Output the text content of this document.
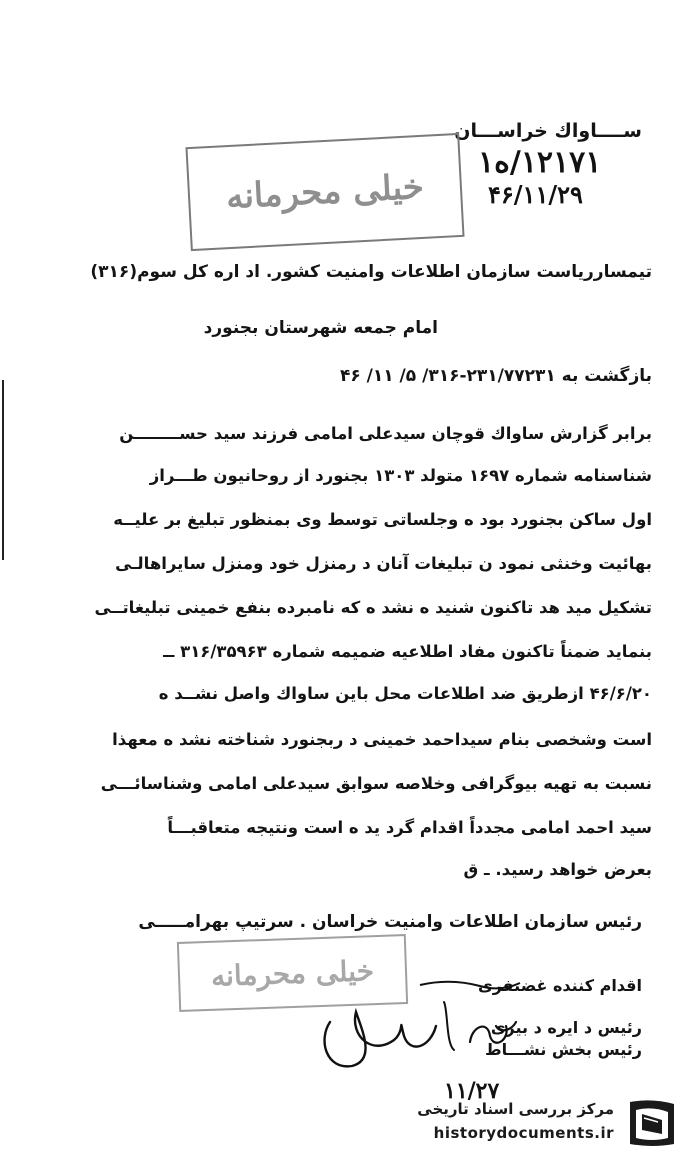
ســــاواك خراســـان
۱۲۱۷۱/ه۱
۴۶/۱۱/۲۹
خیلی محرمانه
تیمسارریاست سازمان اطلاعات وامنیت کشور. اد اره کل سوم(۳۱۶)
امام جمعه شهرستان بجنورد
بازگشت به ۲۳۱/۷۷۲۳۱-۳۱۶/ ۵/ ۱۱/ ۴۶
برابر گزارش ساواك قوچان سیدعلی امامی فرزند سید حســــــــن
شناسنامه شماره ۱۶۹۷ متولد ۱۳۰۳ بجنورد از روحانیون طـــراز
اول ساکن بجنورد بود ه وجلساتی توسط وی بمنظور تبلیغ بر علیــه
بهائیت وخنثی نمود ن تبلیغات آنان د رمنزل خود ومنزل سایراهالـی
تشکیل مید هد تاکنون شنید ه نشد ه که نامبرده بنفع خمینی تبلیغاتــی
بنماید ضمناً تاکنون مفاد اطلاعیه ضمیمه شماره ۳۱۶/۳۵۹۶۳ ــ
۴۶/۶/۲۰ ازطریق ضد اطلاعات محل باین ساواك واصل نشــد ه
است وشخصی بنام سیداحمد خمینی د ربجنورد شناخته نشد ه معهذا
نسبت به تهیه بیوگرافی وخلاصه سوابق سیدعلی امامی وشناسائـــی
سید احمد امامی مجدداً اقدام گرد ید ه است ونتیجه متعاقبـــاً
بعرض خواهد رسید. ـ ق
رئیس سازمان اطلاعات وامنیت خراسان . سرتیپ بهرامـــــی
خیلی محرمانه	اقدام کننده غضنفری
رئیس د ایره د بیری
رئیس بخش نشـــاط
۱۱/۲۷
مرکز بررسی اسناد تاریخی
historydocuments.ir
